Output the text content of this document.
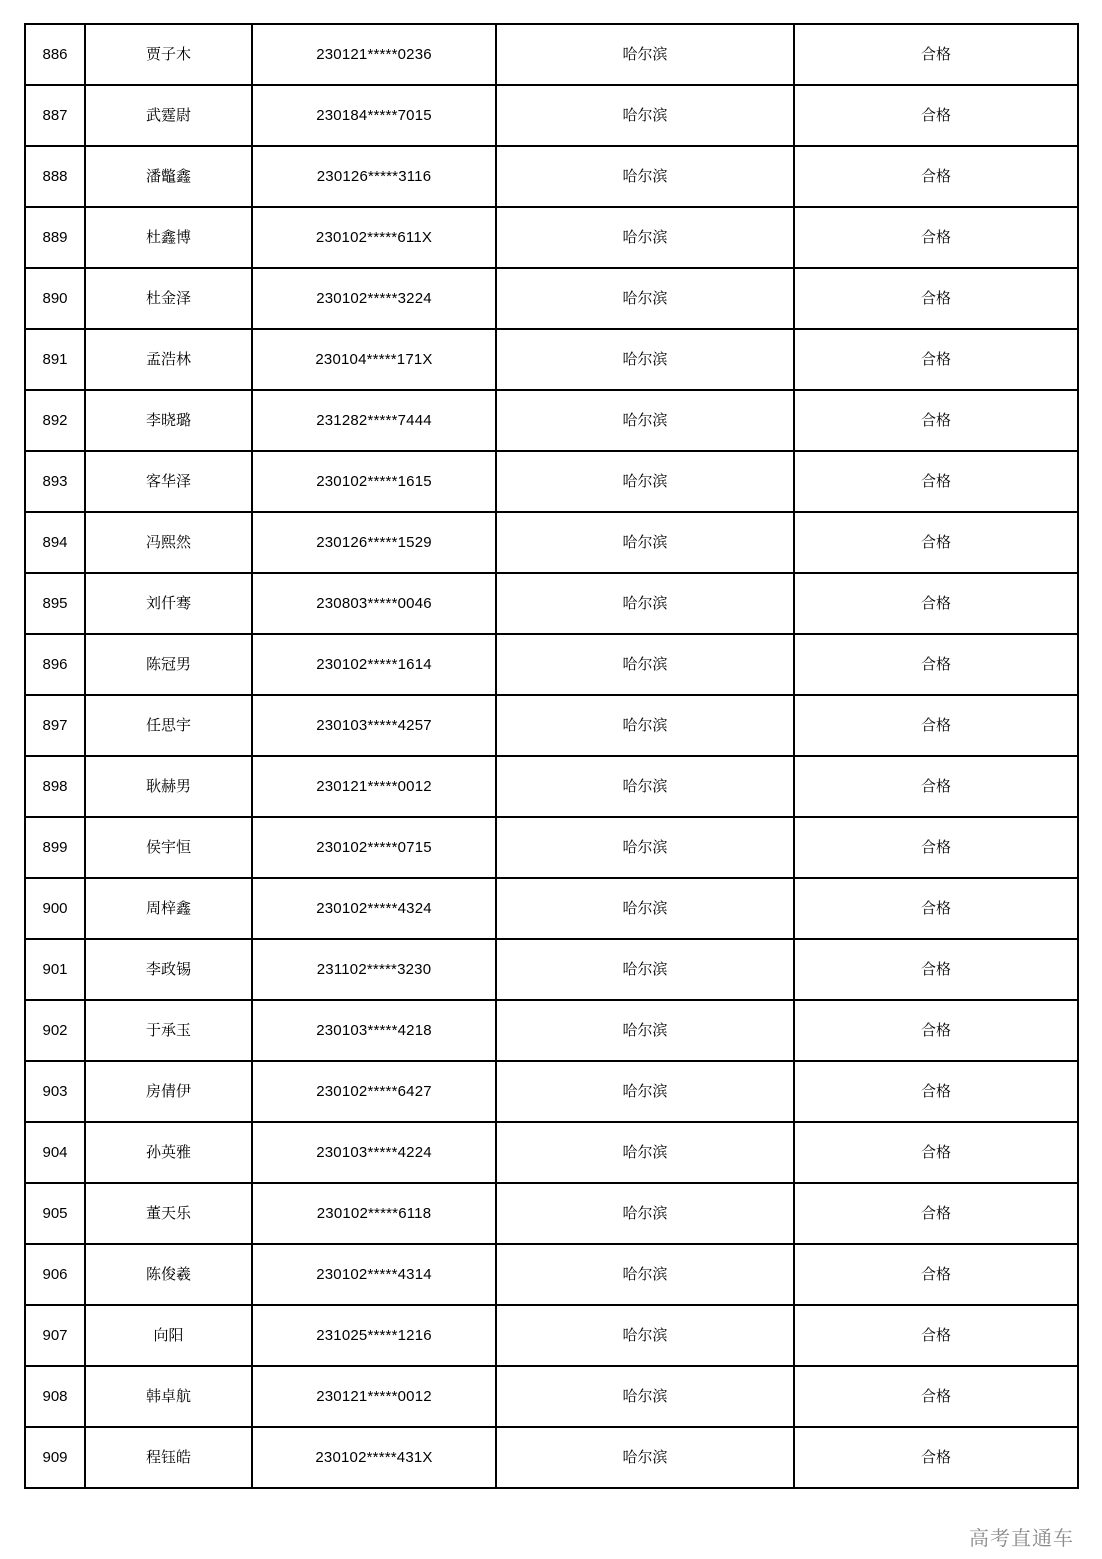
886	贾子木	230121*****0236	哈尔滨	合格
887	武霆尉	230184*****7015	哈尔滨	合格
888	潘鼈鑫	230126*****3116	哈尔滨	合格
889	杜鑫博	230102*****611X	哈尔滨	合格
890	杜金泽	230102*****3224	哈尔滨	合格
891	孟浩林	230104*****171X	哈尔滨	合格
892	李晓璐	231282*****7444	哈尔滨	合格
893	客华泽	230102*****1615	哈尔滨	合格
894	冯熙然	230126*****1529	哈尔滨	合格
895	刘仟骞	230803*****0046	哈尔滨	合格
896	陈冠男	230102*****1614	哈尔滨	合格
897	任思宇	230103*****4257	哈尔滨	合格
898	耿赫男	230121*****0012	哈尔滨	合格
899	侯宇恒	230102*****0715	哈尔滨	合格
900	周梓鑫	230102*****4324	哈尔滨	合格
901	李政锡	231102*****3230	哈尔滨	合格
902	于承玉	230103*****4218	哈尔滨	合格
903	房倩伊	230102*****6427	哈尔滨	合格
904	孙英雅	230103*****4224	哈尔滨	合格
905	董天乐	230102*****6118	哈尔滨	合格
906	陈俊羲	230102*****4314	哈尔滨	合格
907	向阳	231025*****1216	哈尔滨	合格
908	韩卓航	230121*****0012	哈尔滨	合格
909	程钰皓	230102*****431X	哈尔滨	合格
高考直通车
